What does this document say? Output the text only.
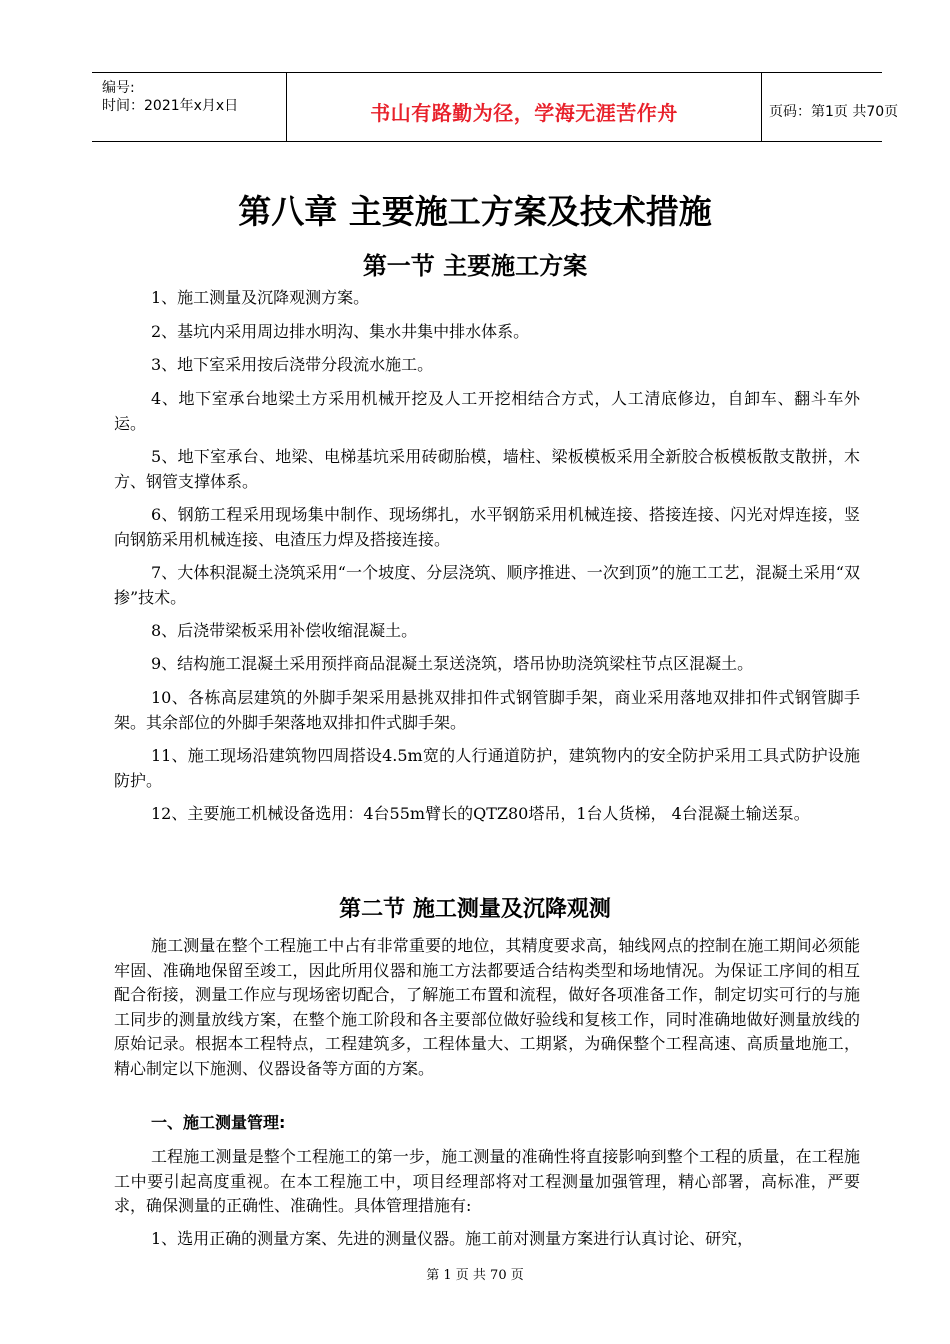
编号:
时间：2021年x月x日	书山有路勤为径，学海无涯苦作舟	页码：第1页 共70页
第八章 主要施工方案及技术措施
第一节 主要施工方案
1、施工测量及沉降观测方案。
2、基坑内采用周边排水明沟、集水井集中排水体系。
3、地下室采用按后浇带分段流水施工。
4、地下室承台地梁土方采用机械开挖及人工开挖相结合方式，人工清底修边，自卸车、翻斗车外运。
5、地下室承台、地梁、电梯基坑采用砖砌胎模，墙柱、梁板模板采用全新胶合板模板散支散拼，木方、钢管支撑体系。
6、钢筋工程采用现场集中制作、现场绑扎，水平钢筋采用机械连接、搭接连接、闪光对焊连接，竖向钢筋采用机械连接、电渣压力焊及搭接连接。
7、大体积混凝土浇筑采用“一个坡度、分层浇筑、顺序推进、一次到顶”的施工工艺，混凝土采用“双掺”技术。
8、后浇带梁板采用补偿收缩混凝土。
9、结构施工混凝土采用预拌商品混凝土泵送浇筑，塔吊协助浇筑梁柱节点区混凝土。
10、各栋高层建筑的外脚手架采用悬挑双排扣件式钢管脚手架，商业采用落地双排扣件式钢管脚手架。其余部位的外脚手架落地双排扣件式脚手架。
11、施工现场沿建筑物四周搭设4.5m宽的人行通道防护，建筑物内的安全防护采用工具式防护设施防护。
12、主要施工机械设备选用：4台55m臂长的QTZ80塔吊，1台人货梯， 4台混凝土输送泵。
第二节 施工测量及沉降观测
施工测量在整个工程施工中占有非常重要的地位，其精度要求高，轴线网点的控制在施工期间必须能牢固、准确地保留至竣工，因此所用仪器和施工方法都要适合结构类型和场地情况。为保证工序间的相互配合衔接，测量工作应与现场密切配合，了解施工布置和流程，做好各项准备工作，制定切实可行的与施工同步的测量放线方案，在整个施工阶段和各主要部位做好验线和复核工作，同时准确地做好测量放线的原始记录。根据本工程特点，工程建筑多，工程体量大、工期紧，为确保整个工程高速、高质量地施工，精心制定以下施测、仪器设备等方面的方案。
一、施工测量管理:
工程施工测量是整个工程施工的第一步，施工测量的准确性将直接影响到整个工程的质量，在工程施工中要引起高度重视。在本工程施工中，项目经理部将对工程测量加强管理，精心部署，高标准，严要求，确保测量的正确性、准确性。具体管理措施有:
1、选用正确的测量方案、先进的测量仪器。施工前对测量方案进行认真讨论、研究，
第 1 页 共 70 页
